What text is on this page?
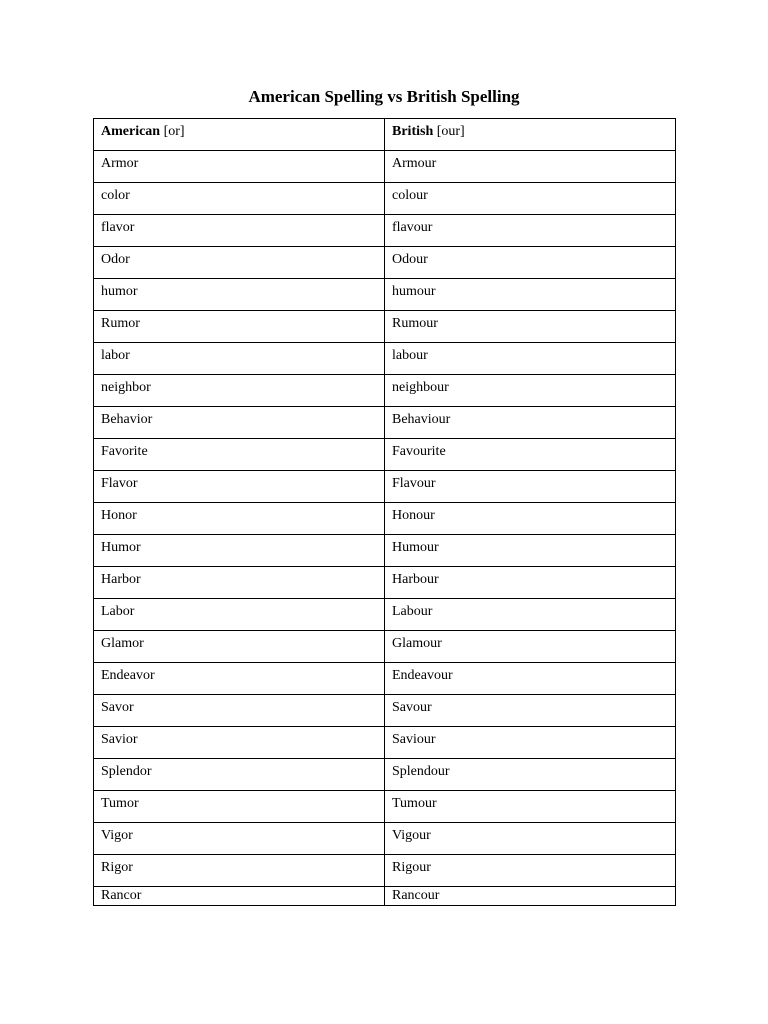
American Spelling vs British Spelling
American [or]	British [our]
Armor	Armour
color	colour
flavor	flavour
Odor	Odour
humor	humour
Rumor	Rumour
labor	labour
neighbor	neighbour
Behavior	Behaviour
Favorite	Favourite
Flavor	Flavour
Honor	Honour
Humor	Humour
Harbor	Harbour
Labor	Labour
Glamor	Glamour
Endeavor	Endeavour
Savor	Savour
Savior	Saviour
Splendor	Splendour
Tumor	Tumour
Vigor	Vigour
Rigor	Rigour
Rancor	Rancour
